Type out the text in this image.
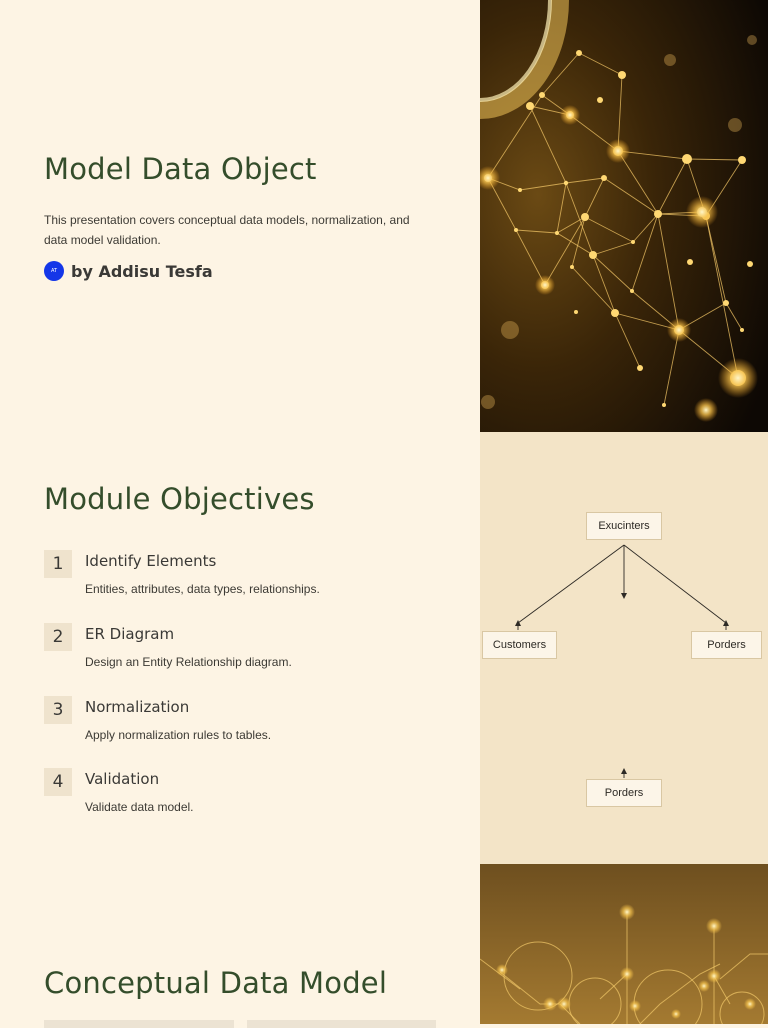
Model Data Object
This presentation covers conceptual data models, normalization, and data model validation.
AT by Addisu Tesfa
Module Objectives
1	Identify Elements
Entities, attributes, data types, relationships.
2	ER Diagram
Design an Entity Relationship diagram.
3	Normalization
Apply normalization rules to tables.
4	Validation
Validate data model.
Exucinters
Customers	Porders
Porders
Conceptual Data Model
